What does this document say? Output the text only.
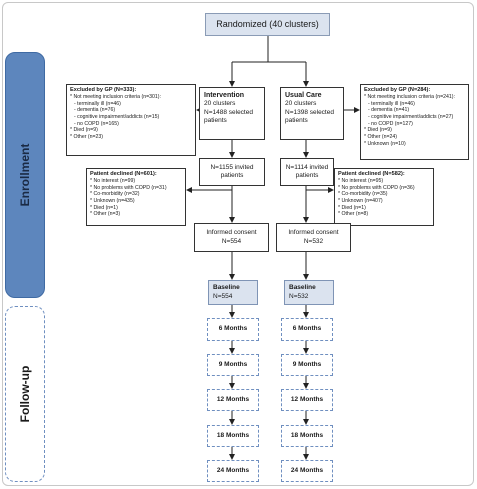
Enrollment
Follow-up
Randomized (40 clusters)
Intervention
20 clusters
N=1488 selected patients
Usual Care
20 clusters
N=1398 selected patients
Excluded by GP (N=333):
* Not meeting inclusion criteria (n=301):
- terminally ill (n=46)
- dementia (n=76)
- cognitive impairment/addicts (n=15)
- no COPD (n=165)
* Died (n=9)
* Other (n=23)
Excluded by GP (N=284):
* Not meeting inclusion criteria (n=241):
- terminally ill (n=46)
- dementia (n=41)
- cognitive impairment/addicts (n=27)
- no COPD (n=127)
* Died (n=9)
* Other (n=24)
* Unknown (n=10)
N=1155 invited patients
N=1114 invited patients
Patient declined (N=601):
* No interest (n=99)
* No problems with COPD (n=31)
* Co-morbidity (n=32)
* Unknown (n=435)
* Died (n=1)
* Other (n=3)
Patient declined (N=582):
* No interest (n=95)
* No problems with COPD (n=36)
* Co-morbidity (n=35)
* Unknown (n=407)
* Died (n=1)
* Other (n=8)
Informed consent N=554
Informed consent N=532
Baseline
N=554
Baseline
N=532
6 Months
9 Months
12 Months
18 Months
24 Months
6 Months
9 Months
12 Months
18 Months
24 Months
